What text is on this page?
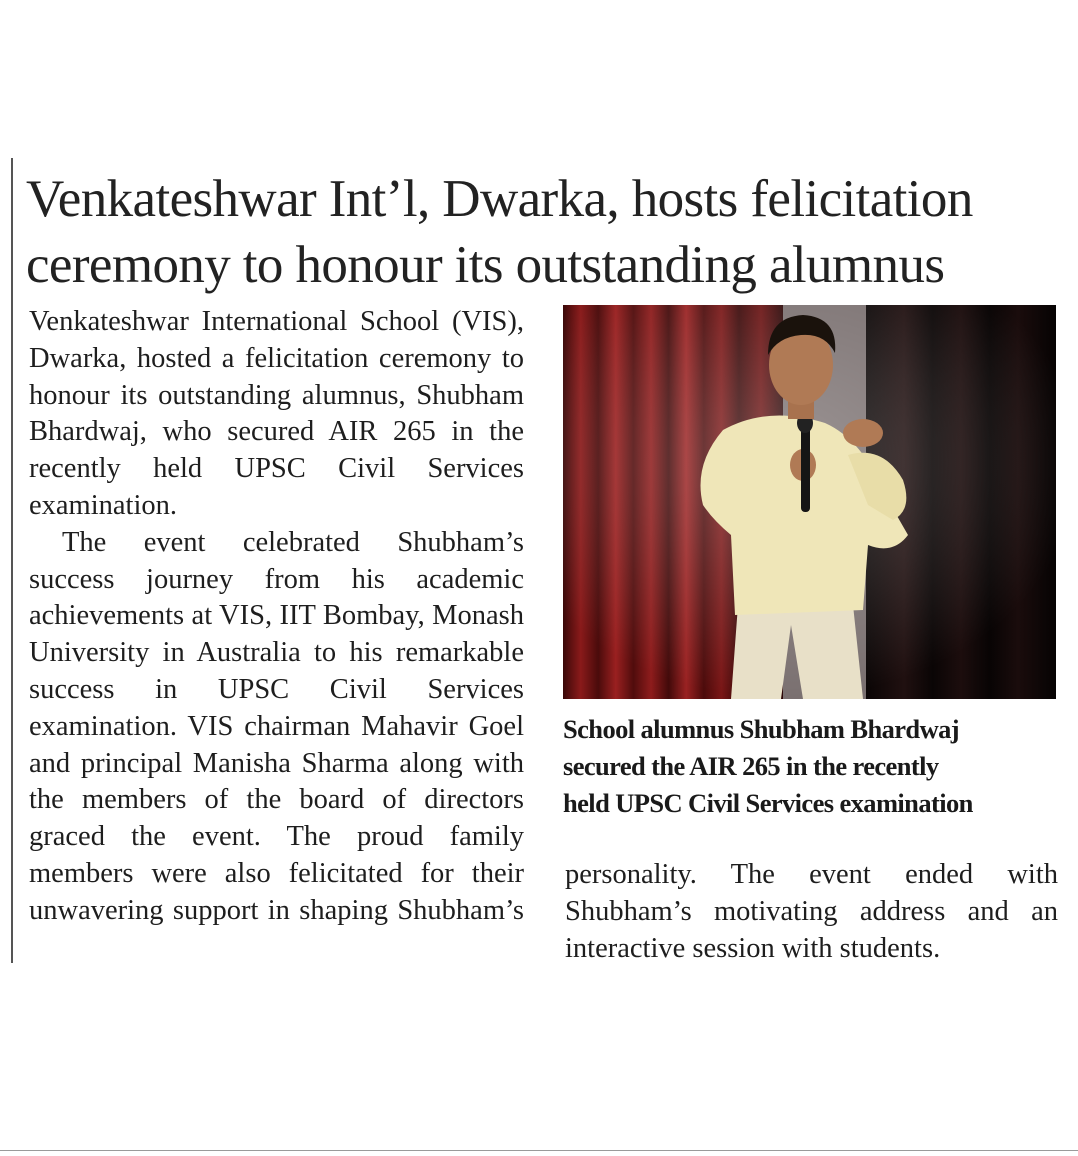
Venkateshwar Int’l, Dwarka, hosts felicitation
ceremony to honour its outstanding alumnus

Venkateshwar International School (VIS), Dwarka, hosted a felicitation ceremony to honour its outstanding alumnus, Shubham Bhardwaj, who secured AIR 265 in the recently held UPSC Civil Services examination.

The event celebrated Shubham’s success journey from his academic achievements at VIS, IIT Bombay, Monash University in Australia to his remarkable success in UPSC Civil Services examination. VIS chairman Mahavir Goel and principal Manisha Sharma along with the members of the board of directors graced the event. The proud family members were also felicitated for their unwavering support in shaping Shubham’s

School alumnus Shubham Bhardwaj
secured the AIR 265 in the recently
held UPSC Civil Services examination

personality. The event ended with Shubham’s motivating address and an interactive session with students.
